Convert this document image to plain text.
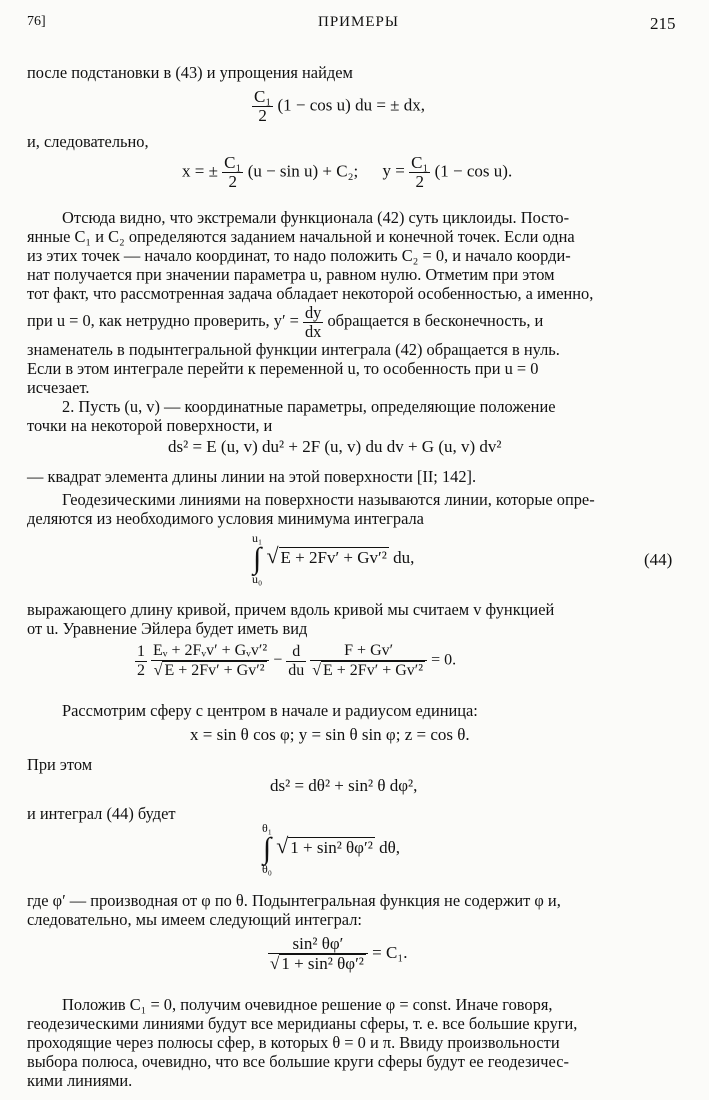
76]	ПРИМЕРЫ	215
после подстановки в (43) и упрощения найдем
$\frac{\text{C₁}}{2} (1 - \cos u)$ du = ± dx,
и, следовательно,
x = ± $\frac{\text{C₁}}{2} (u - \sin u) + C_2$; $y = \frac{\text{C₁}}{2} (1 - \cos u)$.
Отсюда видно, что экстремали функционала (42) суть циклоиды. Посто-
янные C₁ и C₂ определяются заданием начальной и конечной точек. Если одна
из этих точек — начало координат, то надо положить C₂ = 0, и начало коорди-
нат получается при значении параметра u, равном нулю. Отметим при этом
тот факт, что рассмотренная задача обладает некоторой особенностью, а именно,
при u = 0, как нетрудно проверить, $y' = \frac{dy}{dx}$ обращается в бесконечность, и
знаменатель в подынтегральной функции интеграла (42) обращается в нуль.
Если в этом интеграле перейти к переменной u, то особенность при u = 0
исчезает.
2. Пусть (u, v) — координатные параметры, определяющие положение
точки на некоторой поверхности, и
ds² = E (u, v) du² + 2F (u, v) du dv + G (u, v) dv²
— квадрат элемента длины линии на этой поверхности [II; 142].
Геодезическими линиями на поверхности называются линии, которые опре-
деляются из необходимого условия минимума интеграла
u₁
∫
u₀
√ E + 2Fv′ + Gv′² du,	(44)
выражающего длину кривой, причем вдоль кривой мы считаем v функцией
от u. Уравнение Эйлера будет иметь вид
$\frac{1}{2}$
$\frac{\text{Eᵥ + 2Fᵥv′ + Gᵥv′²}}{\text{√ E + 2Fv′ + Gv′²}} - \frac{d}{du}$
$\frac{F + Gv'}{\text{√ E + 2Fv′ + Gv′²}} = 0$.
Рассмотрим сферу с центром в начале и радиусом единица:
x = sin θ cos φ; y = sin θ sin φ; z = cos θ.
При этом
ds² = dθ² + sin² θ dφ²,
и интеграл (44) будет
θ₁
∫
θ₀
√ 1 + sin² θφ′² dθ,
где φ′ — производная от φ по θ. Подынтегральная функция не содержит φ и,
следовательно, мы имеем следующий интеграл:
$\frac{\text{sin² θφ′}}{\text{√ 1 + sin² θφ′²}} = C_1$.
Положив C₁ = 0, получим очевидное решение φ = const. Иначе говоря,
геодезическими линиями будут все меридианы сферы, т. е. все большие круги,
проходящие через полюсы сфер, в которых θ = 0 и π. Ввиду произвольности
выбора полюса, очевидно, что все большие круги сферы будут ее геодезичес-
кими линиями.
